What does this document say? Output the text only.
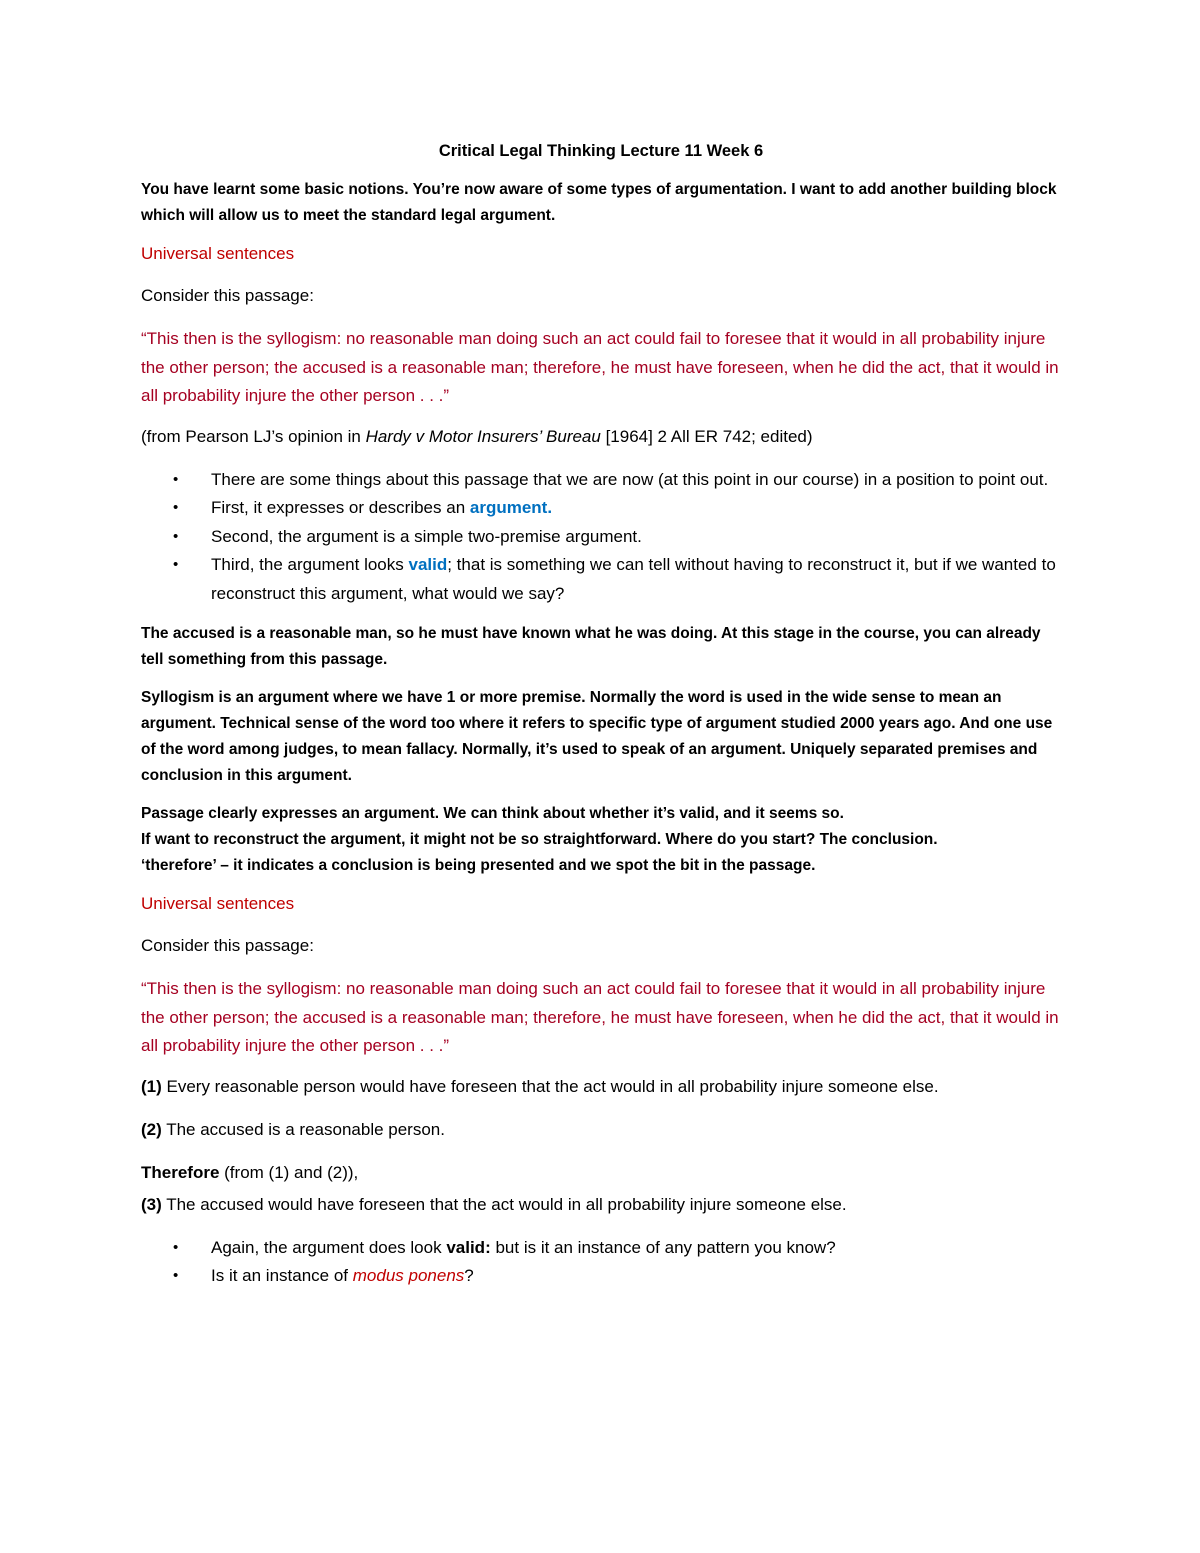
Critical Legal Thinking Lecture 11 Week 6

You have learnt some basic notions. You’re now aware of some types of argumentation. I want to add another building block which will allow us to meet the standard legal argument.

Universal sentences

Consider this passage:

“This then is the syllogism: no reasonable man doing such an act could fail to foresee that it would in all probability injure the other person; the accused is a reasonable man; therefore, he must have foreseen, when he did the act, that it would in all probability injure the other person . . .”

(from Pearson LJ’s opinion in Hardy v Motor Insurers’ Bureau [1964] 2 All ER 742; edited)

• There are some things about this passage that we are now (at this point in our course) in a position to point out.
• First, it expresses or describes an argument.
• Second, the argument is a simple two-premise argument.
• Third, the argument looks valid; that is something we can tell without having to reconstruct it, but if we wanted to reconstruct this argument, what would we say?

The accused is a reasonable man, so he must have known what he was doing. At this stage in the course, you can already tell something from this passage.

Syllogism is an argument where we have 1 or more premise. Normally the word is used in the wide sense to mean an argument. Technical sense of the word too where it refers to specific type of argument studied 2000 years ago. And one use of the word among judges, to mean fallacy. Normally, it’s used to speak of an argument. Uniquely separated premises and conclusion in this argument.

Passage clearly expresses an argument. We can think about whether it’s valid, and it seems so.
If want to reconstruct the argument, it might not be so straightforward. Where do you start? The conclusion.
‘therefore’ – it indicates a conclusion is being presented and we spot the bit in the passage.

Universal sentences

Consider this passage:

“This then is the syllogism: no reasonable man doing such an act could fail to foresee that it would in all probability injure the other person; the accused is a reasonable man; therefore, he must have foreseen, when he did the act, that it would in all probability injure the other person . . .”

(1) Every reasonable person would have foreseen that the act would in all probability injure someone else.

(2) The accused is a reasonable person.

Therefore (from (1) and (2)),

(3) The accused would have foreseen that the act would in all probability injure someone else.

• Again, the argument does look valid: but is it an instance of any pattern you know?
• Is it an instance of modus ponens?
